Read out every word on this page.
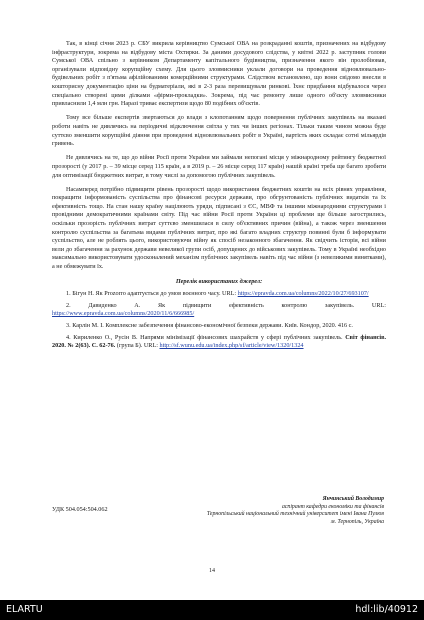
Так, в кінці січня 2023 р. СБУ викрила керівництво Сумської ОВА на розкраданні коштів, призначених на відбудову інфраструктури, зокрема на відбудову міста Охтирки. За даними досудового слідства, у квітні 2022 р. заступник голови Сумської ОВА спільно з керівником Департаменту капітального будівництва, призначення якого він пролобіював, організували відповідну корупційну схему. Для цього зловмисники уклали договори на проведення відновлювально-будівельних робіт з п'ятьма афілійованими комерційними структурами. Слідством встановлено, що вони свідомо внесли в кошторисну документацію ціни на будматеріали, які в 2-3 раза перевищували ринкові. Їхнє придбання відбувалося через спеціально створені цими ділками «фірми-прокладки». Зокрема, під час ремонту лише одного об'єкту зловмисники привласнили 1,4 млн грн. Наразі триває експертизи щодо 80 подібних об'єктів.

Тому все більше експертів звертаються до влади з клопотанням щодо повернення публічних закупівель на вказані роботи навіть не дивлячись на періодичні відключення світла у тих чи інших регіонах. Тільки таким чином можна буде суттєво зменшити корупційні діяння при проведенні відновлювальних робіт в Україні, вартість яких складає сотні мільярдів гривень.

Не дивлячись на те, що до війни Росії проти України ми займали непогані місця у міжнародному рейтингу бюджетної прозорості (у 2017 р. – 39 місце серед 115 країн, а в 2019 р. – 26 місце серед 117 країн) нашій країні треба ще багато зробити для оптимізації бюджетних витрат, в тому числі за допомогою публічних закупівель.

Насамперед потрібно підвищити рівень прозорості щодо використання бюджетних коштів на всіх рівнях управління, покращити інформованість суспільства про фінансові ресурси держави, про обгрунтованість публічних видатків та їх ефективність тощо. На стан нашу країну націлюють уряди, підписані з ЄС, МВФ та іншими міжнародними структурами і провідними демократичними країнами світу. Під час війни Росії проти України ці проблеми ще більше загострились, оскільки прозорість публічних витрат суттєво зменшилася в силу об'єктивних причин (війна), а також через зменшення контролю суспільства за багатьма видами публічних витрат, про які багато владних структур повинні були б інформувати суспільство, але не роблять цього, використовуючи війну як спосіб незаконного збагачення. Як свідчить історія, всі війни вели до збагачення за рахунок держави невеликої групи осіб, допущених до військових закупівель. Тому в Україні необхідно максимально використовувати удосконалений механізм публічних закупівель навіть під час війни (з невеликими винятками), а не обмежувати їх.

Перелік використаних джерел:

1. Бігун Н. Як Prozorro адаптується до умов воєнного часу. URL: https://epravda.com.ua/columns/2022/10/27/693107/

2.	Давиденко А. Як підвищити ефективність контролю закупівель. URL: https://www.epravda.com.ua/columns/2020/11/6/666985/

3. Карлін М. І. Комплексне забезпечення фінансово-економічної безпеки держави. Київ. Кондор, 2020. 416 с.

4. Кириленко О., Русін В. Напрями мінімізації фінансових шахрайств у сфері публічних закупівель. Світ фінансів. 2020. № 2(63). С. 62-76. (група Б). URL: http://sf.wunu.edu.ua/index.php/sf/article/view/1320/1324

Янчинський Володимир
аспірант кафедри економіки та фінансів
Тернопільський національний технічний університет імені Івана Пулюя
м. Тернопіль, Україна
УДК 504.054:504.062
14
ELARTU	hdl:lib/40912
